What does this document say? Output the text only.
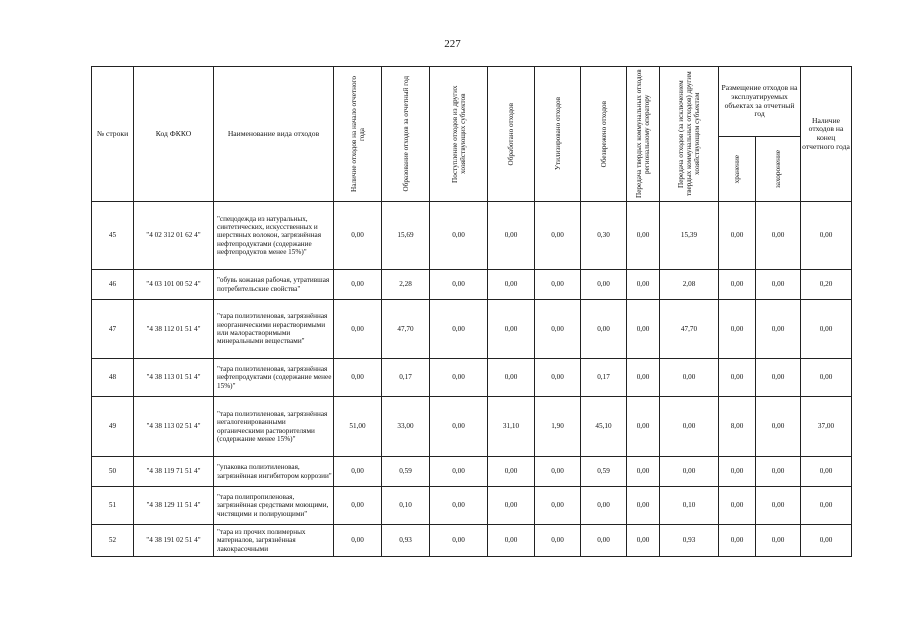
227
№ строки	Код ФККО	Наименование вида отходов	Наличие отходов на начало отчетного года	Образование отходов за отчетный год	Поступление отходов из других хозяйствующих субъектов	Обработано отходов	Утилизировано отходов	Обезврежено отходов	Передача твердых коммунальных отходов региональному оператору	Передача отходов (за исключением твердых коммунальных отходов) другим хозяйствующим субъектам	Размещение отходов на эксплуатируемых объектах за отчетный год		Наличие отходов на конец отчетного года

											хранение	захоронение	

45	"4 02 312 01 62 4"	"спецодежда из натуральных, синтетических, искусственных и шерстяных волокон, загрязнённая нефтепродуктами (содержание нефтепродуктов менее 15%)"	0,00	15,69	0,00	0,00	0,00	0,30	0,00	15,39	0,00	0,00	0,00
46	"4 03 101 00 52 4"	"обувь кожаная рабочая, утратившая потребительские свойства"	0,00	2,28	0,00	0,00	0,00	0,00	0,00	2,08	0,00	0,00	0,20
47	"4 38 112 01 51 4"	"тара полиэтиленовая, загрязнённая неорганическими нерастворимыми или малорастворимыми минеральными веществами"	0,00	47,70	0,00	0,00	0,00	0,00	0,00	47,70	0,00	0,00	0,00
48	"4 38 113 01 51 4"	"тара полиэтиленовая, загрязнённая нефтепродуктами (содержание менее 15%)"	0,00	0,17	0,00	0,00	0,00	0,17	0,00	0,00	0,00	0,00	0,00
49	"4 38 113 02 51 4"	"тара полиэтиленовая, загрязнённая негалогенированными органическими растворителями (содержание менее 15%)"	51,00	33,00	0,00	31,10	1,90	45,10	0,00	0,00	8,00	0,00	37,00
50	"4 38 119 71 51 4"	"упаковка полиэтиленовая, загрязнённая ингибитором коррозии"	0,00	0,59	0,00	0,00	0,00	0,59	0,00	0,00	0,00	0,00	0,00
51	"4 38 129 11 51 4"	"тара полипропиленовая, загрязнённая средствами моющими, чистящими и полирующими"	0,00	0,10	0,00	0,00	0,00	0,00	0,00	0,10	0,00	0,00	0,00
52	"4 38 191 02 51 4"	"тара из прочих полимерных материалов, загрязнённая лакокрасочными	0,00	0,93	0,00	0,00	0,00	0,00	0,00	0,93	0,00	0,00	0,00
